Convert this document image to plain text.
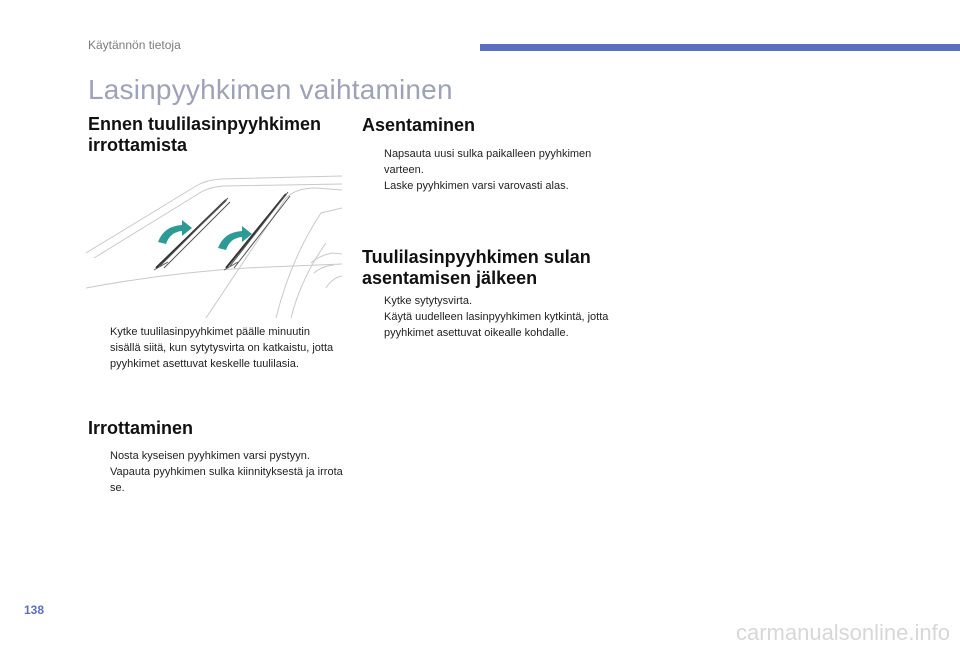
Käytännön tietoja
Lasinpyyhkimen vaihtaminen
Ennen tuulilasinpyyhkimen irrottamista
Kytke tuulilasinpyyhkimet päälle minuutin sisällä siitä, kun sytytysvirta on katkaistu, jotta pyyhkimet asettuvat keskelle tuulilasia.
Irrottaminen
Nosta kyseisen pyyhkimen varsi pystyyn.
Vapauta pyyhkimen sulka kiinnityksestä ja irrota se.
Asentaminen
Napsauta uusi sulka paikalleen pyyhkimen varteen.
Laske pyyhkimen varsi varovasti alas.
Tuulilasinpyyhkimen sulan asentamisen jälkeen
Kytke sytytysvirta.
Käytä uudelleen lasinpyyhkimen kytkintä, jotta pyyhkimet asettuvat oikealle kohdalle.
138
carmanualsonline.info
